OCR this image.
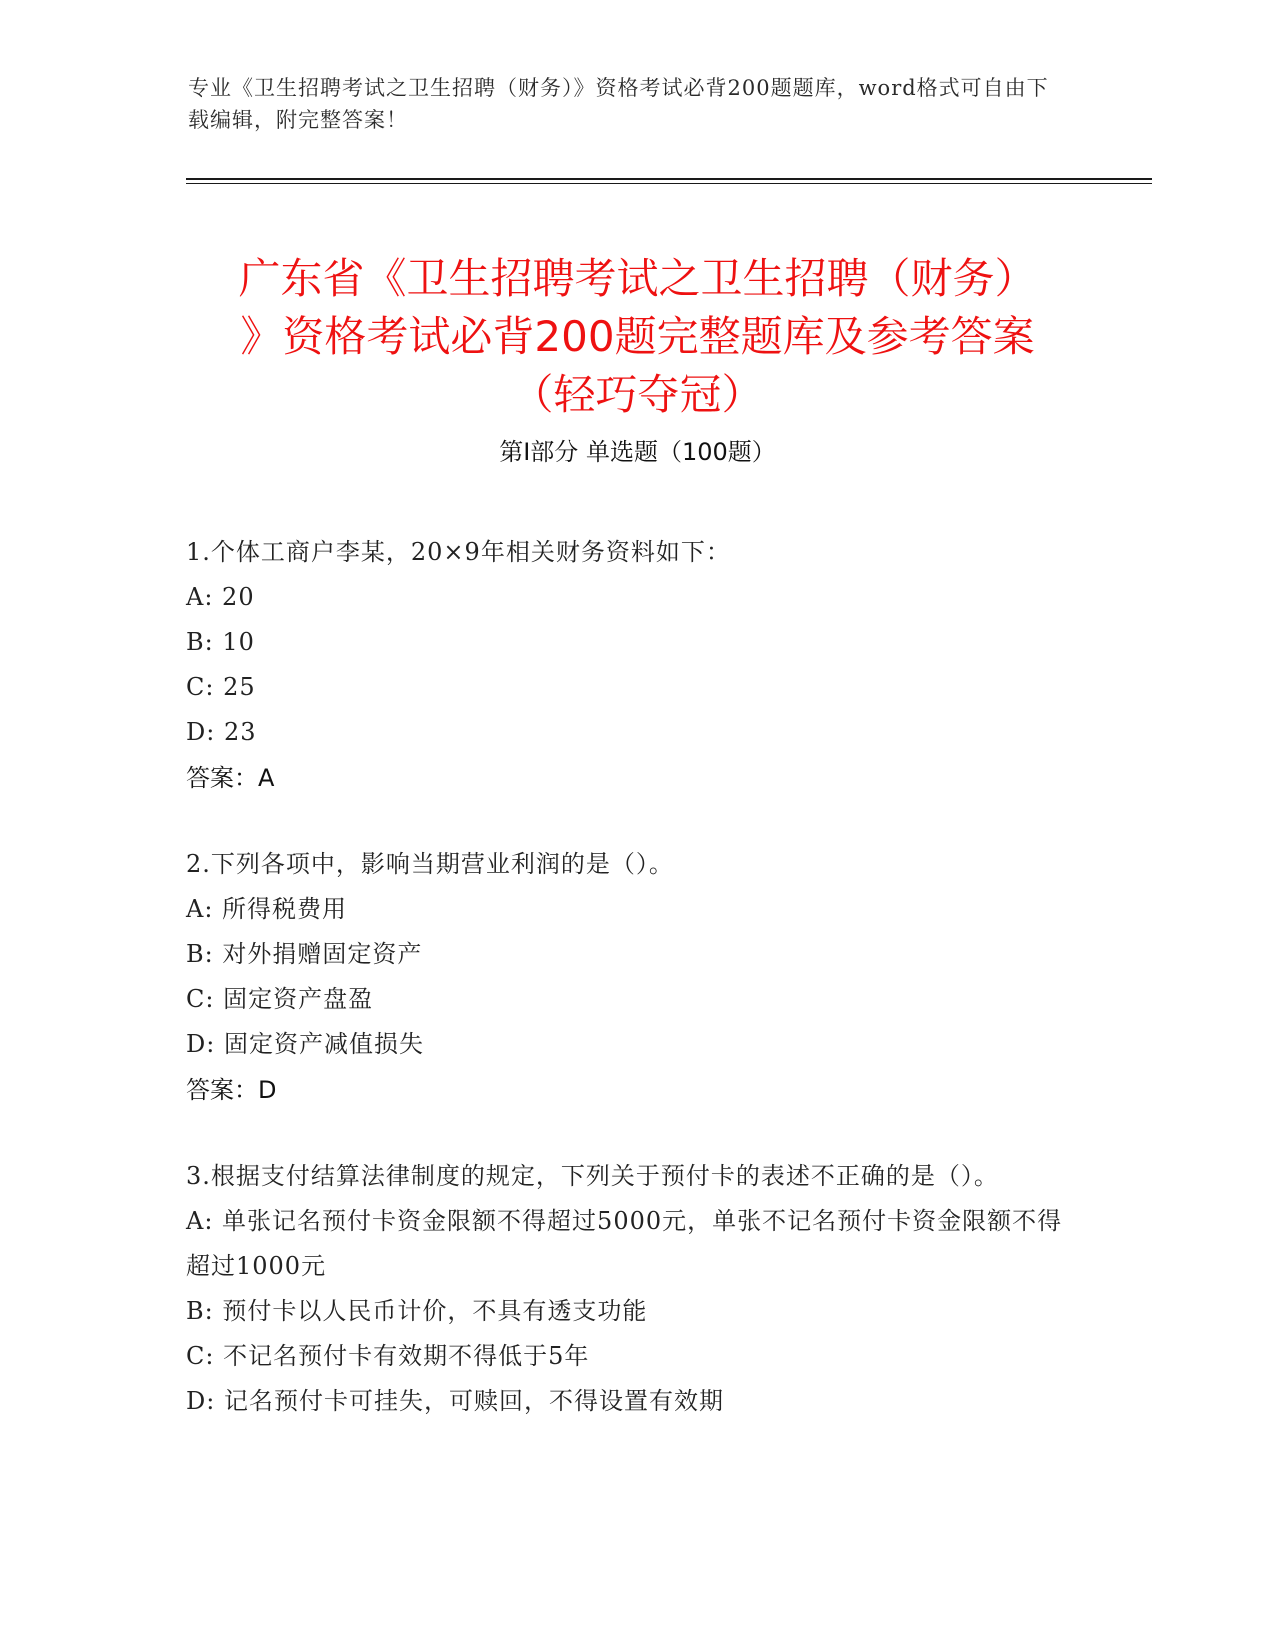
专业《卫生招聘考试之卫生招聘（财务）》资格考试必背200题题库，word格式可自由下载编辑，附完整答案！
广东省《卫生招聘考试之卫生招聘（财务）
》资格考试必背200题完整题库及参考答案
（轻巧夺冠）
第Ⅰ部分 单选题（100题）

1.个体工商户李某，20×9年相关财务资料如下：

A: 20

B: 10

C: 25

D: 23

答案：A

2.下列各项中，影响当期营业利润的是（）。

A: 所得税费用

B: 对外捐赠固定资产

C: 固定资产盘盈

D: 固定资产减值损失

答案：D

3.根据支付结算法律制度的规定，下列关于预付卡的表述不正确的是（）。

A: 单张记名预付卡资金限额不得超过5000元，单张不记名预付卡资金限额不得超过1000元

B: 预付卡以人民币计价，不具有透支功能

C: 不记名预付卡有效期不得低于5年

D: 记名预付卡可挂失，可赎回，不得设置有效期
